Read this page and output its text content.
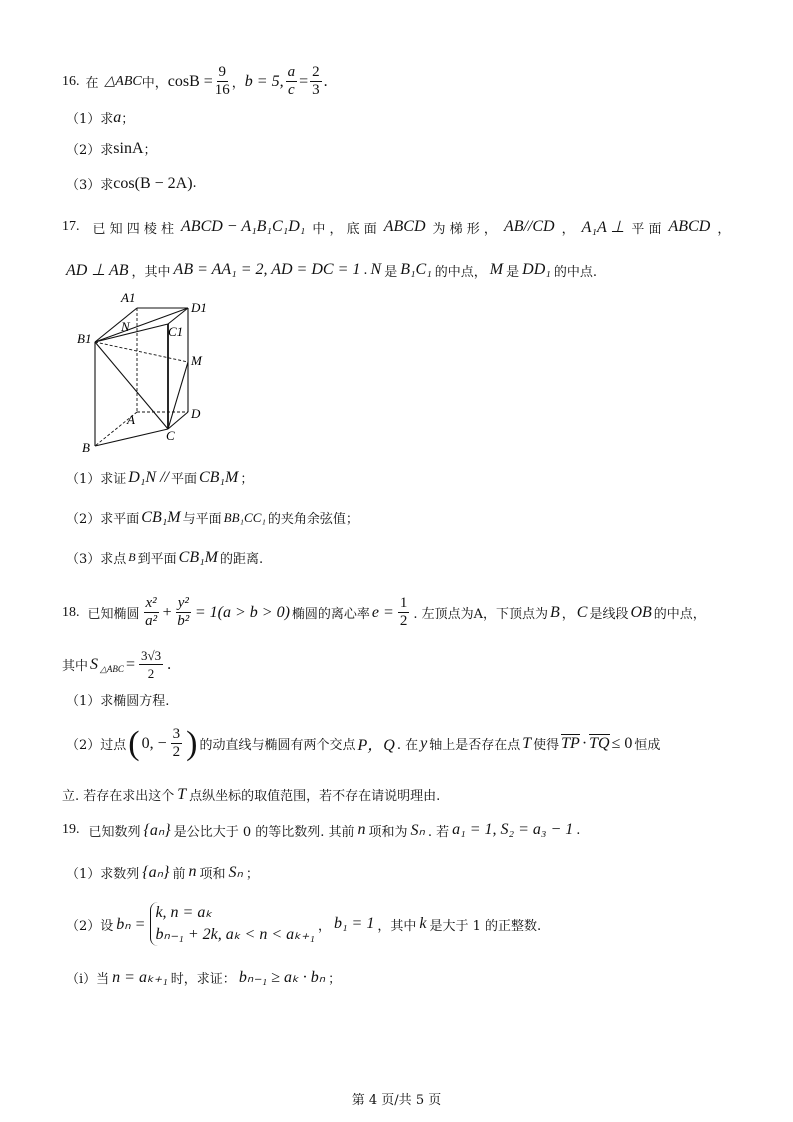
16. 在 △ABC 中， $\cos B = \frac{9}{16}$ ， b = 5, $\frac{a}{c} = \frac{2}{3}$ .
（1）求 a ；
（2）求 sinA ；
（3）求 cos(B − 2A) .
17. 已 知 四 棱 柱 ABCD − A₁B₁C₁D₁ 中 ， 底 面 ABCD 为 梯 形 ， AB//CD ， A₁A ⊥ 平 面 ABCD ，
AD ⊥ AB ，其中 AB = AA₁ = 2, AD = DC = 1 . N 是 B₁C₁ 的中点， M 是 DD₁ 的中点.
A1
D1
N	C1
B1
M
D
A
C
B
（1）求证 D₁N // 平面 CB₁M ；
（2）求平面 CB₁M 与平面 BB₁CC₁ 的夹角余弦值；
（3）求点 B 到平面 CB₁M 的距离.
18. 已知椭圆 $\frac{\text{x²}}{\text{a²}} + \frac{\text{y²}}{\text{b²}} = 1(a > b > 0)$ 椭圆的离心率 $e = \frac{1}{2}$ . 左顶点为A，下顶点为 B ， C 是线段 OB 的中点，
其中 S △ABC = $\frac{3√3}{2}$ .
（1）求椭圆方程.
（2）过点 ( 0, − $\frac{3}{2}$ ) 的动直线与椭圆有两个交点 P，Q . 在 y 轴上是否存在点 T 使得 TP · TQ ≤ 0 恒成
立. 若存在求出这个 T 点纵坐标的取值范围，若不存在请说明理由.
19. 已知数列 {aₙ} 是公比大于 0 的等比数列. 其前 n 项和为 Sₙ . 若 a₁ = 1, S₂ = a₃ − 1 .
（1）求数列 {aₙ} 前 n 项和 Sₙ ；
（2）设 bₙ =
k, n = aₖ
bₙ₋₁ + 2k, aₖ < n < aₖ₊₁ ， b₁ = 1 ，其中 k 是大于 1 的正整数.
（i）当 n = aₖ₊₁ 时，求证： bₙ₋₁ ≥ aₖ · bₙ ；
第 4 页/共 5 页
